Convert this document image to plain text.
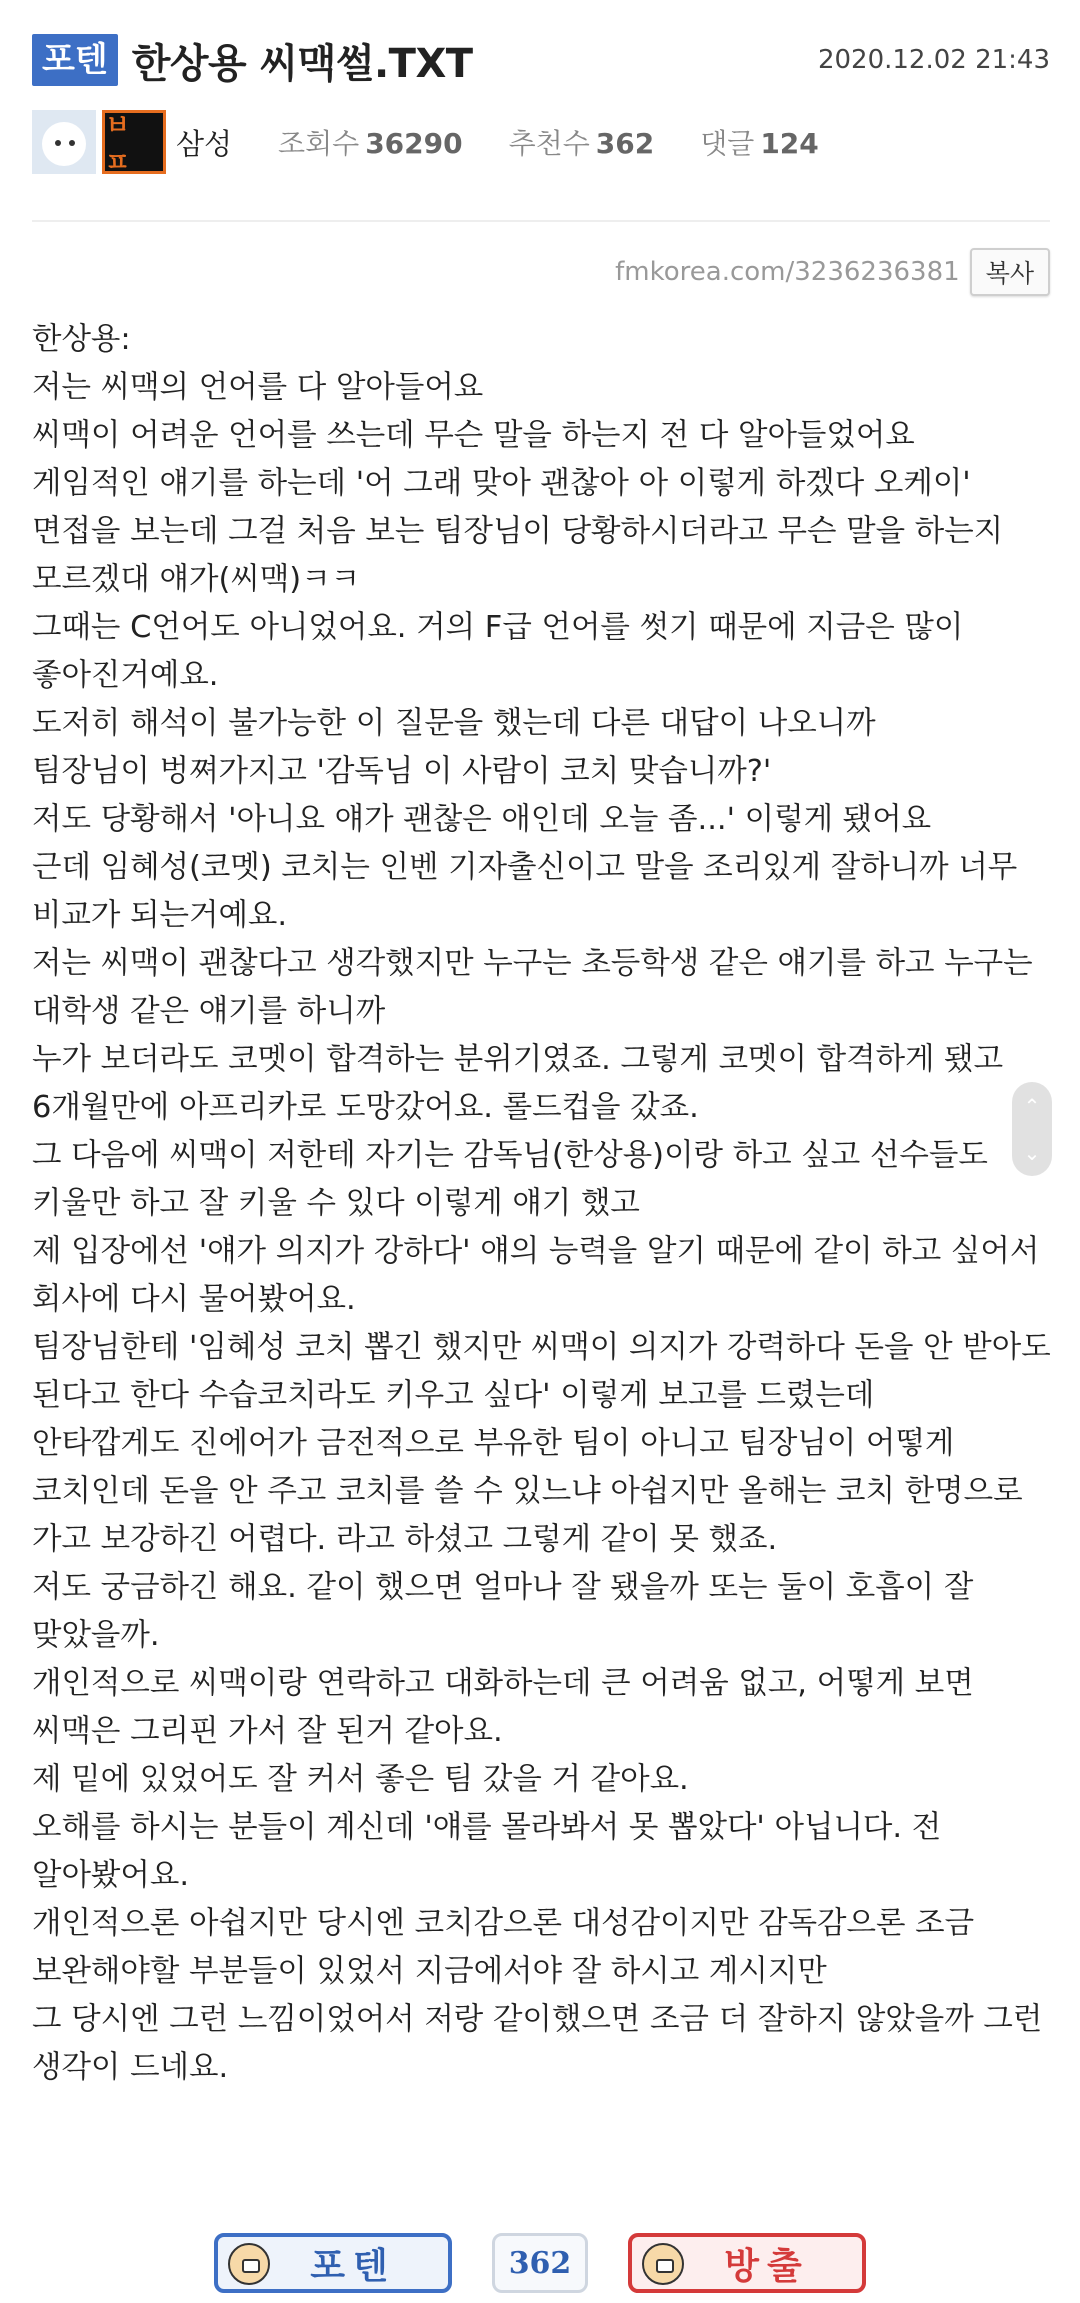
포텐 한상용 씨맥썰.TXT	2020.12.02 21:43
ㅂ ㅍ
삼성 조회수 36290 추천수 362 댓글 124
fmkorea.com/3236236381	복사

한상용:

저는 씨맥의 언어를 다 알아들어요

씨맥이 어려운 언어를 쓰는데 무슨 말을 하는지 전 다 알아들었어요

게임적인 얘기를 하는데 '어 그래 맞아 괜찮아 아 이렇게 하겠다 오케이'

면접을 보는데 그걸 처음 보는 팀장님이 당황하시더라고 무슨 말을 하는지 모르겠대 얘가(씨맥)ㅋㅋ

그때는 C언어도 아니었어요. 거의 F급 언어를 썻기 때문에 지금은 많이 좋아진거예요.

도저히 해석이 불가능한 이 질문을 했는데 다른 대답이 나오니까

팀장님이 벙쪄가지고 '감독님 이 사람이 코치 맞습니까?'

저도 당황해서 '아니요 얘가 괜찮은 애인데 오늘 좀...' 이렇게 됐어요

근데 임혜성(코멧) 코치는 인벤 기자출신이고 말을 조리있게 잘하니까 너무 비교가 되는거예요.

저는 씨맥이 괜찮다고 생각했지만 누구는 초등학생 같은 얘기를 하고 누구는 대학생 같은 얘기를 하니까

누가 보더라도 코멧이 합격하는 분위기였죠. 그렇게 코멧이 합격하게 됐고 6개월만에 아프리카로 도망갔어요. 롤드컵을 갔죠.

그 다음에 씨맥이 저한테 자기는 감독님(한상용)이랑 하고 싶고 선수들도 키울만 하고 잘 키울 수 있다 이렇게 얘기 했고

제 입장에선 '얘가 의지가 강하다' 얘의 능력을 알기 때문에 같이 하고 싶어서 회사에 다시 물어봤어요.

팀장님한테 '임혜성 코치 뽑긴 했지만 씨맥이 의지가 강력하다 돈을 안 받아도 된다고 한다 수습코치라도 키우고 싶다' 이렇게 보고를 드렸는데

안타깝게도 진에어가 금전적으로 부유한 팀이 아니고 팀장님이 어떻게 코치인데 돈을 안 주고 코치를 쓸 수 있느냐 아쉽지만 올해는 코치 한명으로 가고 보강하긴 어렵다. 라고 하셨고 그렇게 같이 못 했죠.

저도 궁금하긴 해요. 같이 했으면 얼마나 잘 됐을까 또는 둘이 호흡이 잘 맞았을까.

개인적으로 씨맥이랑 연락하고 대화하는데 큰 어려움 없고, 어떻게 보면 씨맥은 그리핀 가서 잘 된거 같아요.

제 밑에 있었어도 잘 커서 좋은 팀 갔을 거 같아요.

오해를 하시는 분들이 계신데 '얘를 몰라봐서 못 뽑았다' 아닙니다. 전 알아봤어요.

개인적으론 아쉽지만 당시엔 코치감으론 대성감이지만 감독감으론 조금 보완해야할 부분들이 있었서 지금에서야 잘 하시고 계시지만

그 당시엔 그런 느낌이었어서 저랑 같이했으면 조금 더 잘하지 않았을까 그런 생각이 드네요.

⌃
⌄
포텐	362	방출
